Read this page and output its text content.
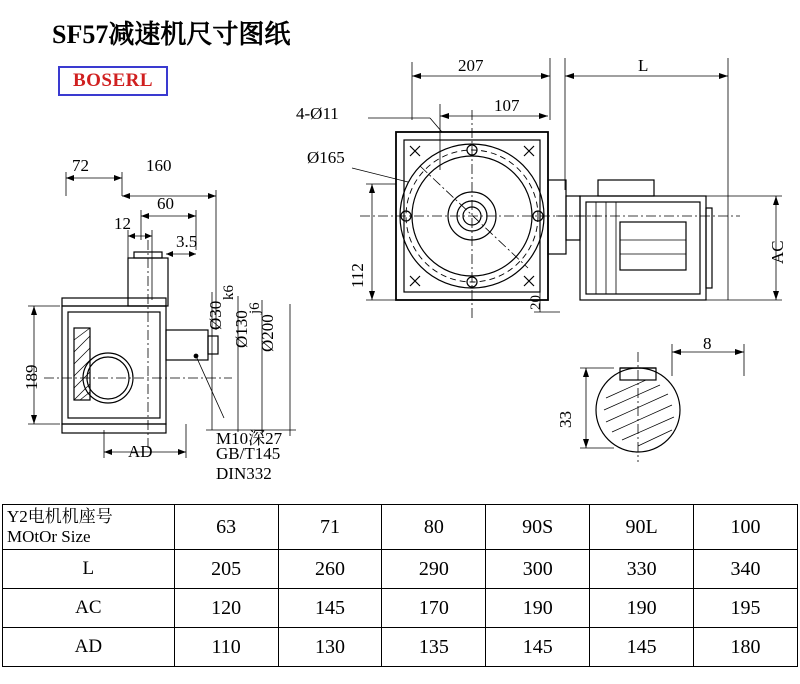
SF57减速机尺寸图纸
BOSERL
72	160
60
12
3.5
189
AD
Ø30
k6
Ø130
j6
Ø200
M10深27
GB/T145
DIN332
207	L
107
4-Ø11
Ø165
112
20
AC
8
33
Y2电机机座号
MOtOr Size	63	71	80	90S	90L	100
L	205	260	290	300	330	340
AC	120	145	170	190	190	195
AD	110	130	135	145	145	180
